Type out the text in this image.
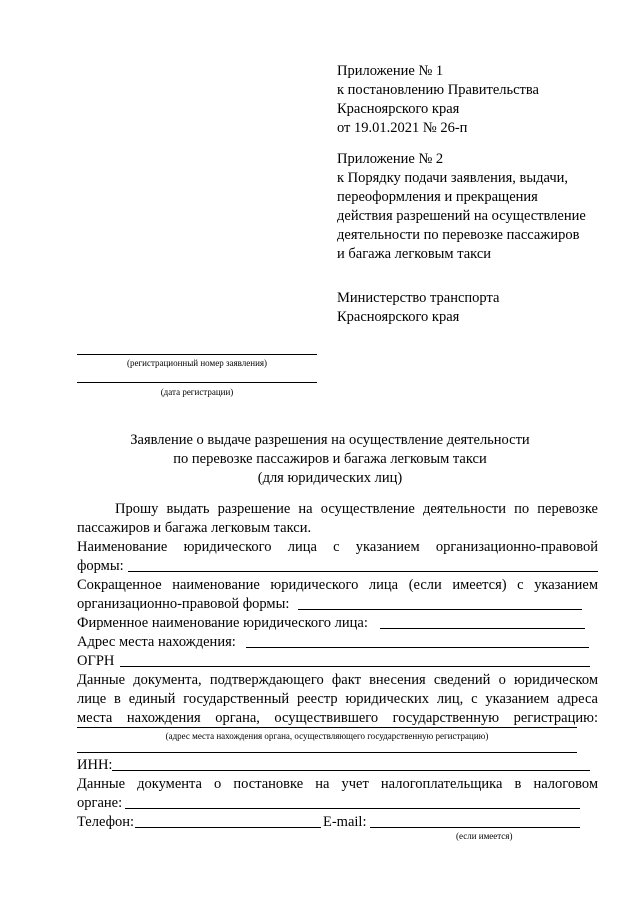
Приложение № 1
к постановлению Правительства
Красноярского края
от 19.01.2021 № 26-п
Приложение № 2
к Порядку подачи заявления, выдачи,
переоформления и прекращения
действия разрешений на осуществление
деятельности по перевозке пассажиров
и багажа легковым такси
Министерство транспорта
Красноярского края
(регистрационный номер заявления)
(дата регистрации)
Заявление о выдаче разрешения на осуществление деятельности
по перевозке пассажиров и багажа легковым такси
(для юридических лиц)
Прошу выдать разрешение на осуществление деятельности по перевозке
пассажиров и багажа легковым такси.
Наименование юридического лица с указанием организационно-правовой
формы:
Сокращенное наименование юридического лица (если имеется) с указанием
организационно-правовой формы:
Фирменное наименование юридического лица:
Адрес места нахождения:
ОГРН
Данные документа, подтверждающего факт внесения сведений о юридическом
лице в единый государственный реестр юридических лиц, с указанием адреса
места нахождения органа, осуществившего государственную регистрацию:
(адрес места нахождения органа, осуществляющего государственную регистрацию)
ИНН:
Данные документа о постановке на учет налогоплательщика в налоговом
органе:
Телефон:	E-mail:
(если имеется)
